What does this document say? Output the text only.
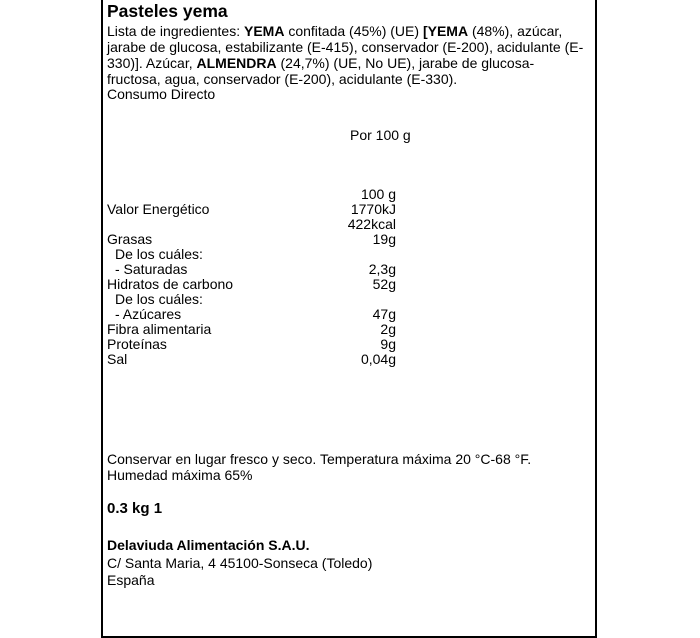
Pasteles yema
Lista de ingredientes: YEMA confitada (45%) (UE) [YEMA (48%), azúcar, jarabe de glucosa, estabilizante (E-415), conservador (E-200), acidulante (E-330)]. Azúcar, ALMENDRA (24,7%) (UE, No UE), jarabe de glucosa-fructosa, agua, conservador (E-200), acidulante (E-330).
Consumo Directo
Por 100 g
100 g
Valor Energético	1770kJ
422kcal
Grasas	19g
De los cuáles:
- Saturadas	2,3g
Hidratos de carbono	52g
De los cuáles:
- Azúcares	47g
Fibra alimentaria	2g
Proteínas	9g
Sal	0,04g
Conservar en lugar fresco y seco. Temperatura máxima 20 °C-68 °F. Humedad máxima 65%
0.3 kg 1
Delaviuda Alimentación S.A.U.
C/ Santa Maria, 4 45100-Sonseca (Toledo)
España
